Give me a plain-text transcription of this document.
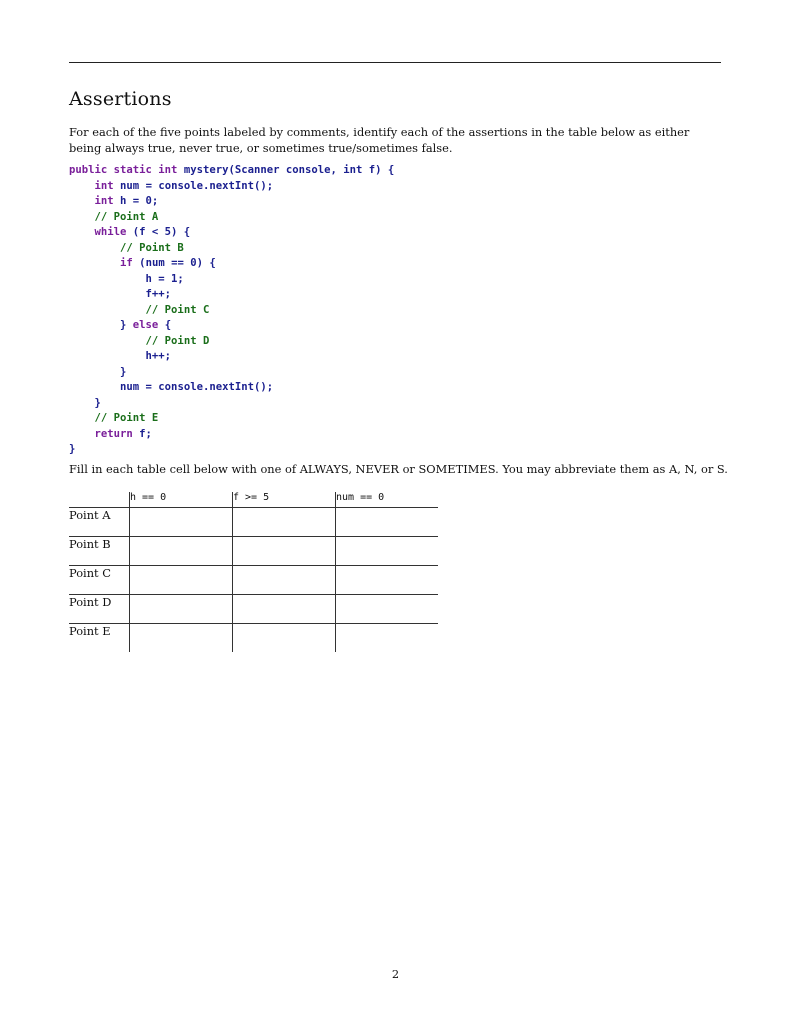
Assertions
For each of the five points labeled by comments, identify each of the assertions in the table below as either being always true, never true, or sometimes true/sometimes false.
public static int mystery(Scanner console, int f) {
int num = console.nextInt();
int h = 0;
// Point A
while (f < 5) {
// Point B
if (num == 0) {
h = 1;
f++;
// Point C
} else {
// Point D
h++;
}
num = console.nextInt();
}
// Point E
return f;
}
Fill in each table cell below with one of ALWAYS, NEVER or SOMETIMES. You may abbreviate them as A, N, or S.
	h == 0	f >= 5	num == 0
Point A			
Point B			
Point C			
Point D			
Point E			
2
